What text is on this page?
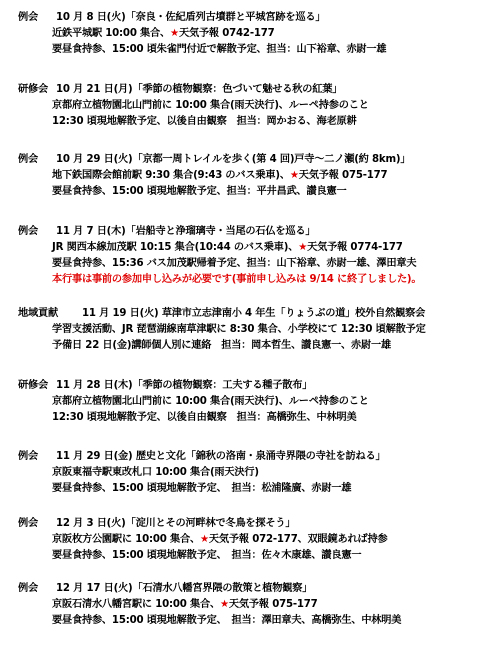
例会	10 月 8 日(火)「奈良・佐紀盾列古墳群と平城宮跡を巡る」
近鉄平城駅 10:00 集合、★天気予報 0742-177
要昼食持参、15:00 頃朱雀門付近で解散予定、担当：山下裕章、赤尉一雄
研修会 10 月 21 日(月)「季節の植物観察：色づいて魅せる秋の紅葉」
京都府立植物園北山門前に 10:00 集合(雨天決行)、ルーペ持参のこと
12:30 頃現地解散予定、以後自由観察　担当：岡かおる、海老原耕
例会	10 月 29 日(火)「京都一周トレイルを歩く(第 4 回)戸寺～二ノ瀬(約 8km)」
地下鉄国際会館前駅 9:30 集合(9:43 のバス乗車)、★天気予報 075-177
要昼食持参、15:00 頃現地解散予定、担当：平井昌武、讃良憲一
例会	11 月 7 日(木)「岩船寺と浄瑠璃寺・当尾の石仏を巡る」
JR 関西本線加茂駅 10:15 集合(10:44 のバス乗車)、★天気予報 0774-177
要昼食持参、15:36 バス加茂駅帰着予定、担当：山下裕章、赤尉一雄、澤田章夫
本行事は事前の参加申し込みが必要です(事前申し込みは 9/14 に終了しました)。
地域貢献	11 月 19 日(火) 草津市立志津南小 4 年生「りょうぶの道」校外自然観察会
学習支援活動、JR 琵琶湖線南草津駅に 8:30 集合、小学校にて 12:30 頃解散予定
予備日 22 日(金)講師個人別に連絡　担当：岡本哲生、讃良憲一、赤尉一雄
研修会 11 月 28 日(木)「季節の植物観察：工夫する種子散布」
京都府立植物園北山門前に 10:00 集合(雨天決行)、ルーペ持参のこと
12:30 頃現地解散予定、以後自由観察　担当：高橋弥生、中林明美
例会	11 月 29 日(金) 歴史と文化「錦秋の洛南・泉涌寺界隈の寺社を訪ねる」
京阪東福寺駅東改札口 10:00 集合(雨天決行)
要昼食持参、15:00 頃現地解散予定、　担当：松浦隆廣、赤尉一雄
例会	12 月 3 日(火)「淀川とその河畔林で冬鳥を探そう」
京阪枚方公園駅に 10:00 集合、★天気予報 072-177、双眼鏡あれば持参
要昼食持参、15:00 頃現地解散予定、　担当：佐々木康雄、讃良憲一
例会	12 月 17 日(火)「石清水八幡宮界隈の散策と植物観察」
京阪石清水八幡宮駅に 10:00 集合、★天気予報 075-177
要昼食持参、15:00 頃現地解散予定、　担当：澤田章夫、高橋弥生、中林明美
